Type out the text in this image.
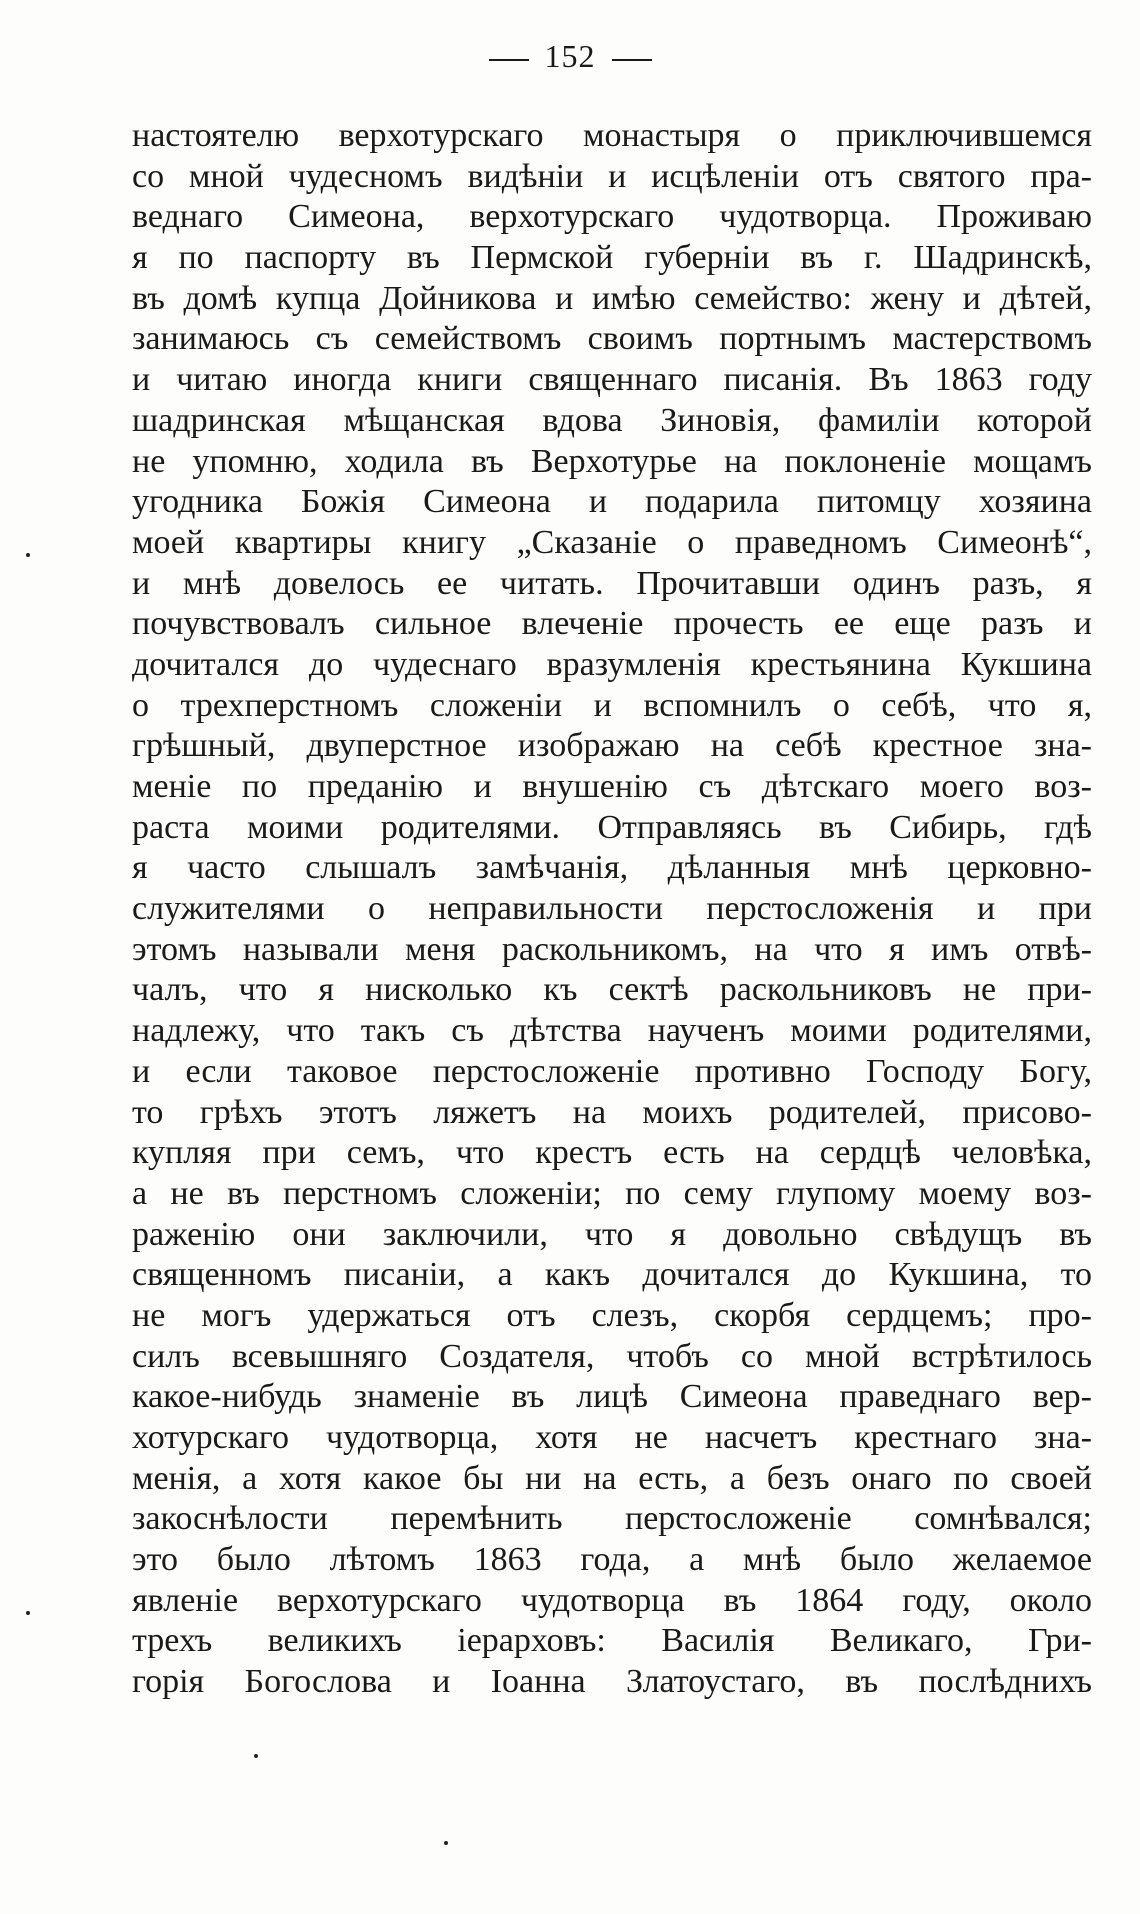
152
настоятелю верхотурскаго монастыря о приключившемся
со мной чудесномъ видѣніи и исцѣленіи отъ святого пра-
веднаго Симеона, верхотурскаго чудотворца. Проживаю
я по паспорту въ Пермской губерніи въ г. Шадринскѣ,
въ домѣ купца Дойникова и имѣю семейство: жену и дѣтей,
занимаюсь съ семействомъ своимъ портнымъ мастерствомъ
и читаю иногда книги священнаго писанія. Въ 1863 году
шадринская мѣщанская вдова Зиновія, фамиліи которой
не упомню, ходила въ Верхотурье на поклоненіе мощамъ
угодника Божія Симеона и подарила питомцу хозяина
моей квартиры книгу „Сказаніе о праведномъ Симеонѣ“,
и мнѣ довелось ее читать. Прочитавши одинъ разъ, я
почувствовалъ сильное влеченіе прочесть ее еще разъ и
дочитался до чудеснаго вразумленія крестьянина Кукшина
о трехперстномъ сложеніи и вспомнилъ о себѣ, что я,
грѣшный, двуперстное изображаю на себѣ крестное зна-
меніе по преданію и внушенію съ дѣтскаго моего воз-
раста моими родителями. Отправляясь въ Сибирь, гдѣ
я часто слышалъ замѣчанія, дѣланныя мнѣ церковно-
служителями о неправильности перстосложенія и при
этомъ называли меня раскольникомъ, на что я имъ отвѣ-
чалъ, что я нисколько къ сектѣ раскольниковъ не при-
надлежу, что такъ съ дѣтства наученъ моими родителями,
и если таковое перстосложеніе противно Господу Богу,
то грѣхъ этотъ ляжетъ на моихъ родителей, присово-
купляя при семъ, что крестъ есть на сердцѣ человѣка,
а не въ перстномъ сложеніи; по сему глупому моему воз-
раженію они заключили, что я довольно свѣдущъ въ
священномъ писаніи, а какъ дочитался до Кукшина, то
не могъ удержаться отъ слезъ, скорбя сердцемъ; про-
силъ всевышняго Создателя, чтобъ со мной встрѣтилось
какое-нибудь знаменіе въ лицѣ Симеона праведнаго вер-
хотурскаго чудотворца, хотя не насчетъ крестнаго зна-
менія, а хотя какое бы ни на есть, а безъ онаго по своей
закоснѣлости перемѣнить перстосложеніе сомнѣвался;
это было лѣтомъ 1863 года, а мнѣ было желаемое
явленіе верхотурскаго чудотворца въ 1864 году, около
трехъ великихъ іерарховъ: Василія Великаго, Гри-
горія Богослова и Іоанна Златоустаго, въ послѣднихъ
